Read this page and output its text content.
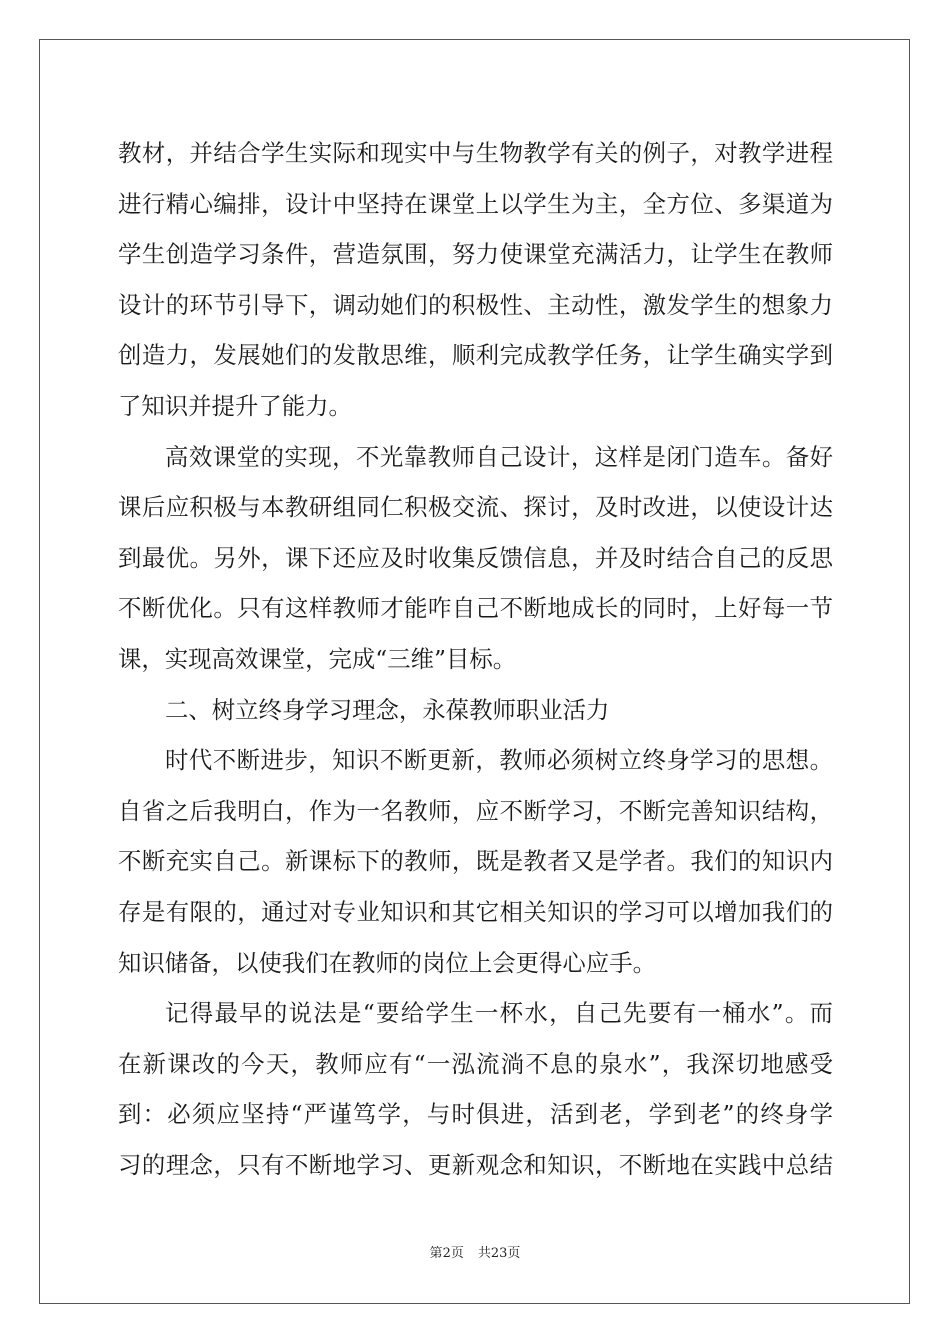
教材，并结合学生实际和现实中与生物教学有关的例子，对教学进程
进行精心编排，设计中坚持在课堂上以学生为主，全方位、多渠道为
学生创造学习条件，营造氛围，努力使课堂充满活力，让学生在教师
设计的环节引导下，调动她们的积极性、主动性，激发学生的想象力
创造力，发展她们的发散思维，顺利完成教学任务，让学生确实学到
了知识并提升了能力。
高效课堂的实现，不光靠教师自己设计，这样是闭门造车。备好
课后应积极与本教研组同仁积极交流、探讨，及时改进，以使设计达
到最优。另外，课下还应及时收集反馈信息，并及时结合自己的反思
不断优化。只有这样教师才能咋自己不断地成长的同时，上好每一节
课，实现高效课堂，完成“三维”目标。
二、树立终身学习理念，永葆教师职业活力
时代不断进步，知识不断更新，教师必须树立终身学习的思想。
自省之后我明白，作为一名教师，应不断学习，不断完善知识结构，
不断充实自己。新课标下的教师，既是教者又是学者。我们的知识内
存是有限的，通过对专业知识和其它相关知识的学习可以增加我们的
知识储备，以使我们在教师的岗位上会更得心应手。
记得最早的说法是“要给学生一杯水，自己先要有一桶水”。而
在新课改的今天，教师应有“一泓流淌不息的泉水”，我深切地感受
到：必须应坚持“严谨笃学，与时俱进，活到老，学到老”的终身学
习的理念，只有不断地学习、更新观念和知识，不断地在实践中总结
第2页 共23页
